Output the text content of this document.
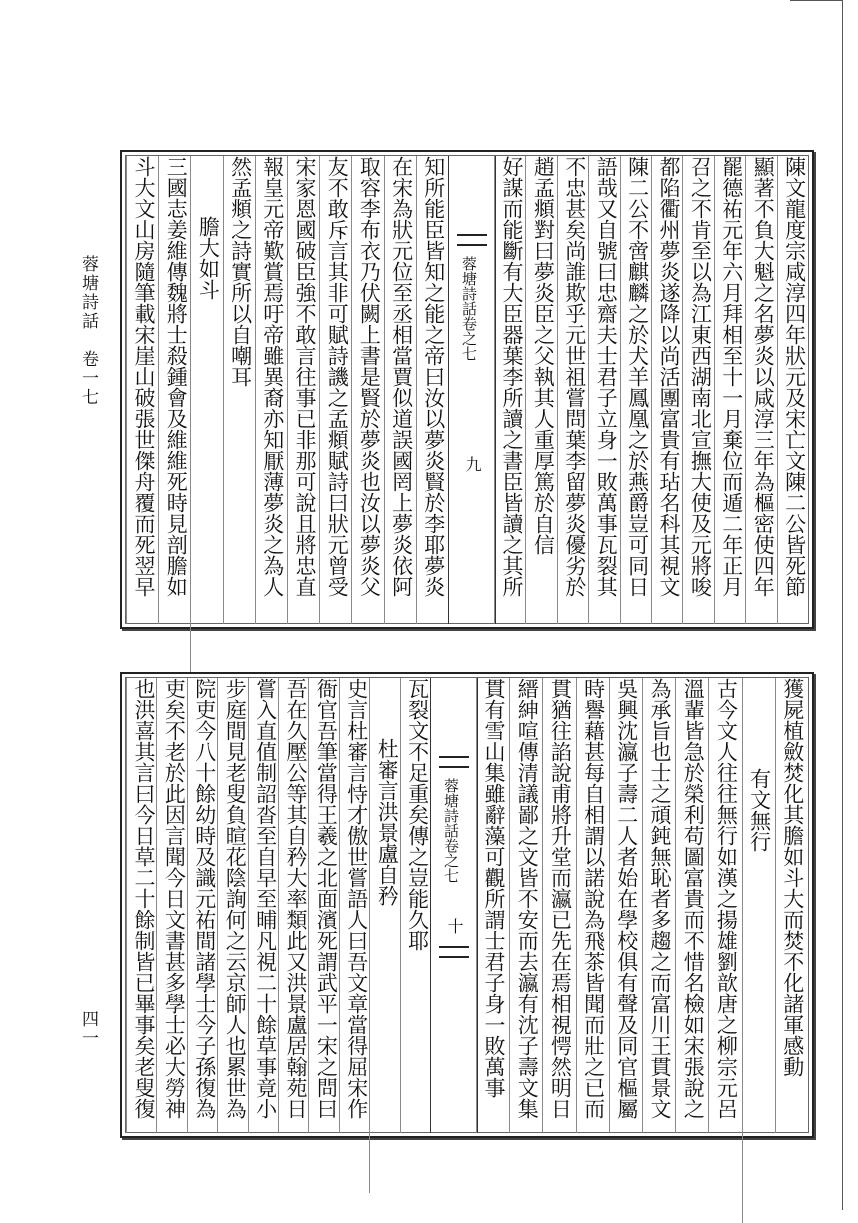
蓉塘詩話　卷一七
四一
陳文龍度宗咸淳四年狀元及宋亡文陳二公皆死節
顯著不負大魁之名夢炎以咸淳三年為樞密使四年
罷德祐元年六月拜相至十一月棄位而遁二年正月
召之不肯至以為江東西湖南北宣撫大使及元將唆
都陷衢州夢炎遂降以尚活團富貴有玷名科其視文
陳二公不啻麒麟之於犬羊鳳凰之於燕爵豈可同日
語哉又自號曰忠齋夫士君子立身一敗萬事瓦裂其
不忠甚矣尚誰欺乎元世祖嘗問葉李留夢炎優劣於
趙孟頫對曰夢炎臣之父執其人重厚篤於自信
好謀而能斷有大臣器葉李所讀之書臣皆讀之其所
蓉塘詩話卷之七
九
知所能臣皆知之能之帝曰汝以夢炎賢於李耶夢炎
在宋為狀元位至丞相當賈似道誤國罔上夢炎依阿
取容李布衣乃伏闕上書是賢於夢炎也汝以夢炎父
友不敢斥言其非可賦詩譏之孟頫賦詩曰狀元曾受
宋家恩國破臣強不敢言往事已非那可說且將忠直
報皇元帝歎賞焉吁帝雖異裔亦知厭薄夢炎之為人
然孟頫之詩實所以自嘲耳
膽大如斗
三國志姜維傳魏將士殺鍾會及維維死時見剖膽如
斗大文山房隨筆載宋崖山破張世傑舟覆而死翌早
獲屍植斂焚化其膽如斗大而焚不化諸軍感動
有文無行
古今文人往往無行如漢之揚雄劉歆唐之柳宗元呂
溫輩皆急於榮利苟圖富貴而不惜名檢如宋張說之
為承旨也士之頑鈍無恥者多趨之而富川王貫景文
吳興沈瀛子壽二人者始在學校俱有聲及同官樞屬
時譽藉甚每自相謂以諾說為飛茶皆聞而壯之已而
貫猶往諂說甫將升堂而瀛已先在焉相視愕然明日
縉紳喧傳清議鄙之文皆不安而去瀛有沈子壽文集
貫有雪山集雖辭藻可觀所謂士君子身一敗萬事
蓉塘詩話卷之七
十
瓦裂文不足重矣傳之豈能久耶
杜審言洪景盧自矜
史言杜審言恃才傲世嘗語人曰吾文章當得屈宋作
衙官吾筆當得王羲之北面濱死謂武平一宋之問曰
吾在久壓公等其自矜大率類此又洪景盧居翰苑日
嘗入直值制詔沓至自早至晡凡視二十餘草事竟小
步庭間見老叟負暄花陰詢何之云京師人也累世為
院吏今八十餘幼時及識元祐間諸學士今子孫復為
吏矣不老於此因言聞今日文書甚多學士必大勞神
也洪喜其言曰今日草二十餘制皆已畢事矣老叟復
